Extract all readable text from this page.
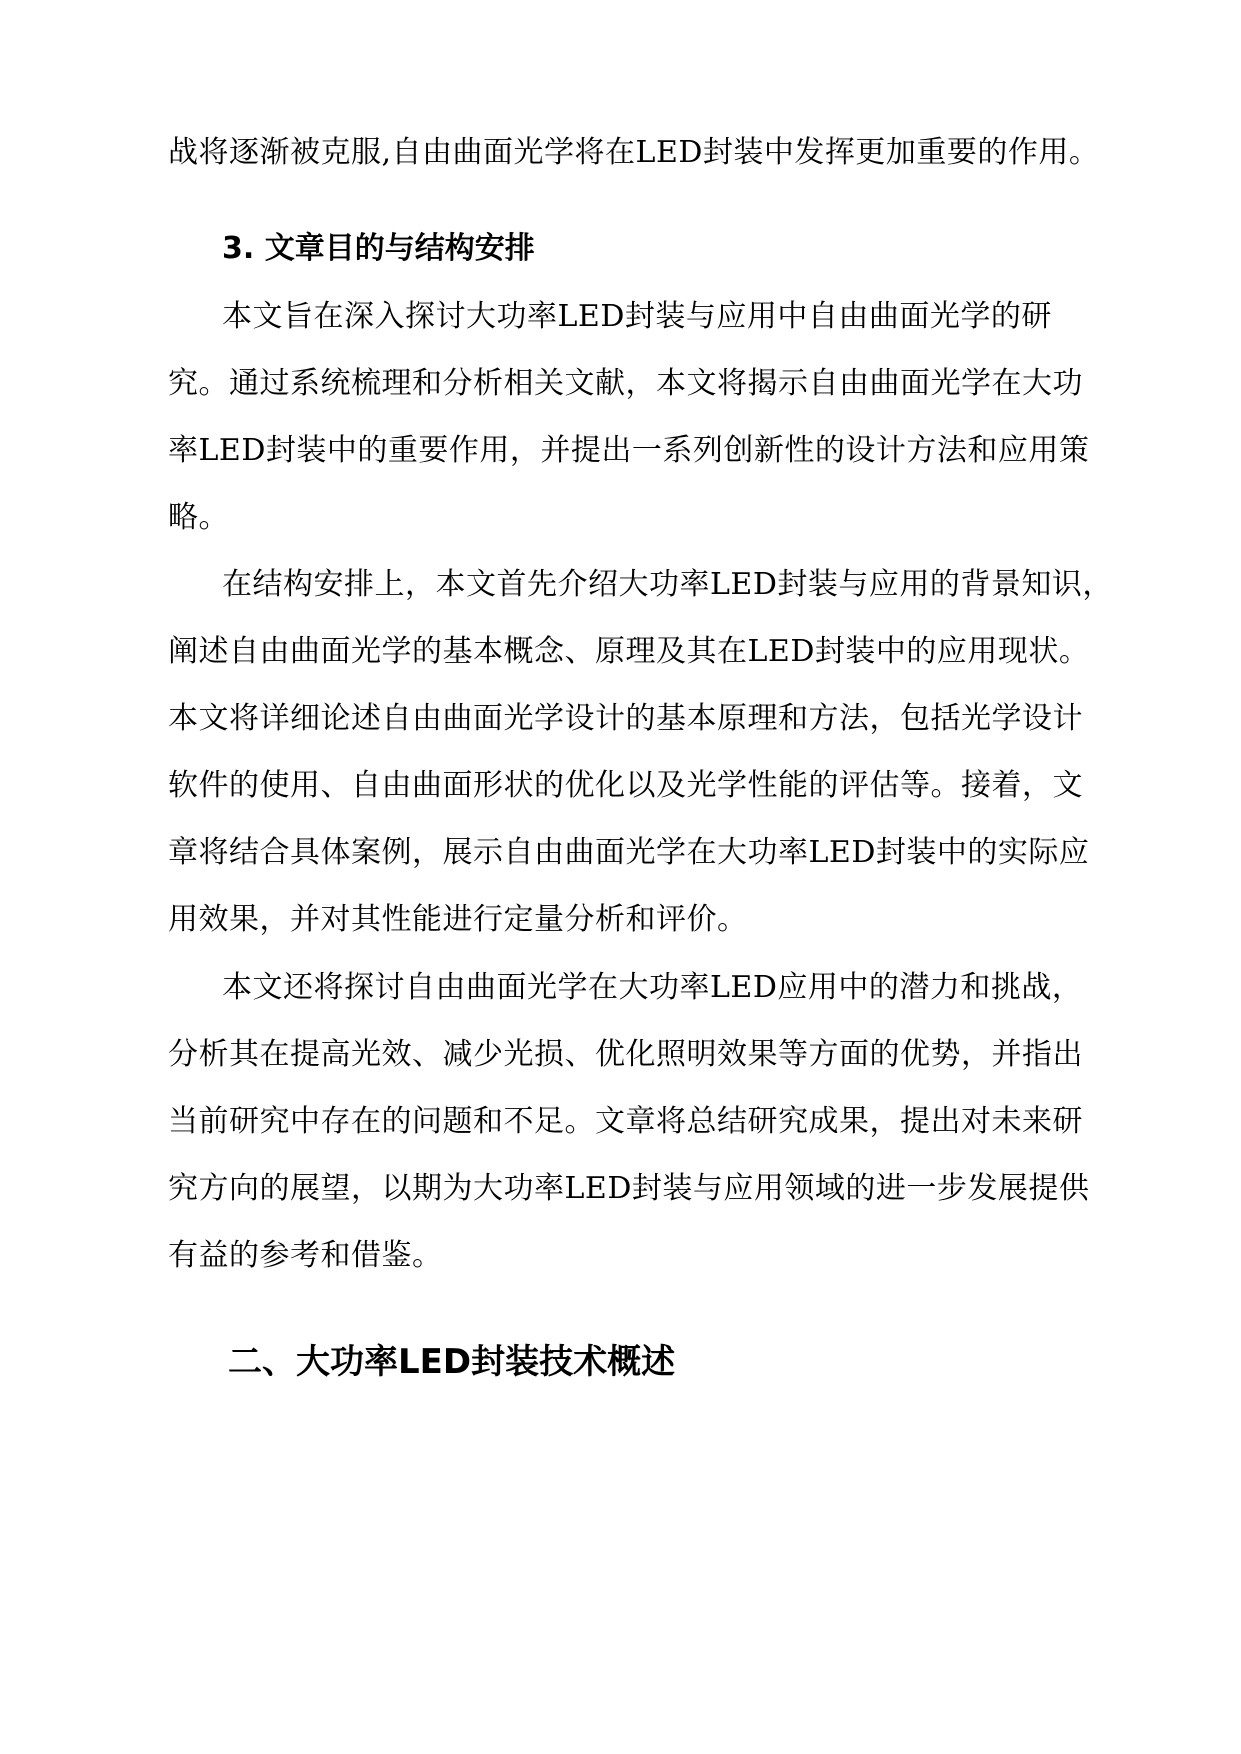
战将逐渐被克服,自由曲面光学将在LED封装中发挥更加重要的作用。
3. 文章目的与结构安排
本文旨在深入探讨大功率LED封装与应用中自由曲面光学的研
究。通过系统梳理和分析相关文献，本文将揭示自由曲面光学在大功
率LED封装中的重要作用，并提出一系列创新性的设计方法和应用策
略。
在结构安排上，本文首先介绍大功率LED封装与应用的背景知识，
阐述自由曲面光学的基本概念、原理及其在LED封装中的应用现状。
本文将详细论述自由曲面光学设计的基本原理和方法，包括光学设计
软件的使用、自由曲面形状的优化以及光学性能的评估等。接着，文
章将结合具体案例，展示自由曲面光学在大功率LED封装中的实际应
用效果，并对其性能进行定量分析和评价。
本文还将探讨自由曲面光学在大功率LED应用中的潜力和挑战，
分析其在提高光效、减少光损、优化照明效果等方面的优势，并指出
当前研究中存在的问题和不足。文章将总结研究成果，提出对未来研
究方向的展望，以期为大功率LED封装与应用领域的进一步发展提供
有益的参考和借鉴。
二、大功率LED封装技术概述
